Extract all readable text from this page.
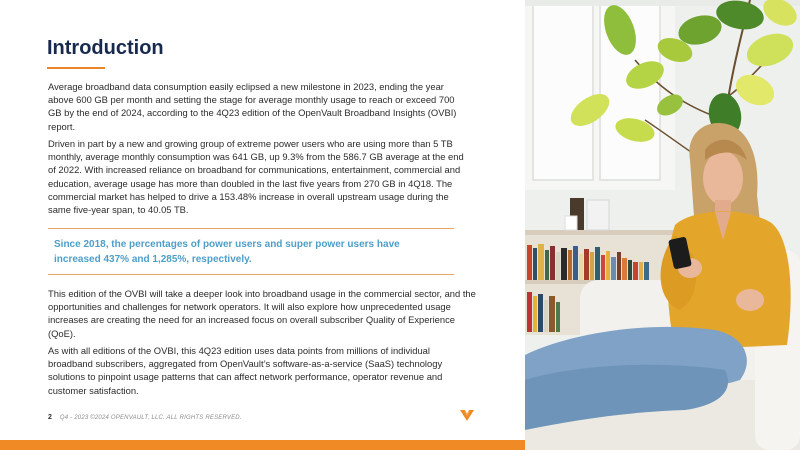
Introduction

Average broadband data consumption easily eclipsed a new milestone in 2023, ending the year above 600 GB per month and setting the stage for average monthly usage to reach or exceed 700 GB by the end of 2024, according to the 4Q23 edition of the OpenVault Broadband Insights (OVBI) report.

Driven in part by a new and growing group of extreme power users who are using more than 5 TB monthly, average monthly consumption was 641 GB, up 9.3% from the 586.7 GB average at the end of 2022. With increased reliance on broadband for communications, entertainment, commercial and education, average usage has more than doubled in the last five years from 270 GB in 4Q18. The commercial market has helped to drive a 153.48% increase in overall upstream usage during the same five-year span, to 40.05 TB.

Since 2018, the percentages of power users and super power users have increased 437% and 1,285%, respectively.

This edition of the OVBI will take a deeper look into broadband usage in the commercial sector, and the opportunities and challenges for network operators. It will also explore how unprecedented usage increases are creating the need for an increased focus on overall subscriber Quality of Experience (QoE).

As with all editions of the OVBI, this 4Q23 edition uses data points from millions of individual broadband subscribers, aggregated from OpenVault’s software-as-a-service (SaaS) technology solutions to pinpoint usage patterns that can affect network performance, operator revenue and customer satisfaction.

2 Q4 - 2023 ©2024 OPENVAULT, LLC. ALL RIGHTS RESERVED.
